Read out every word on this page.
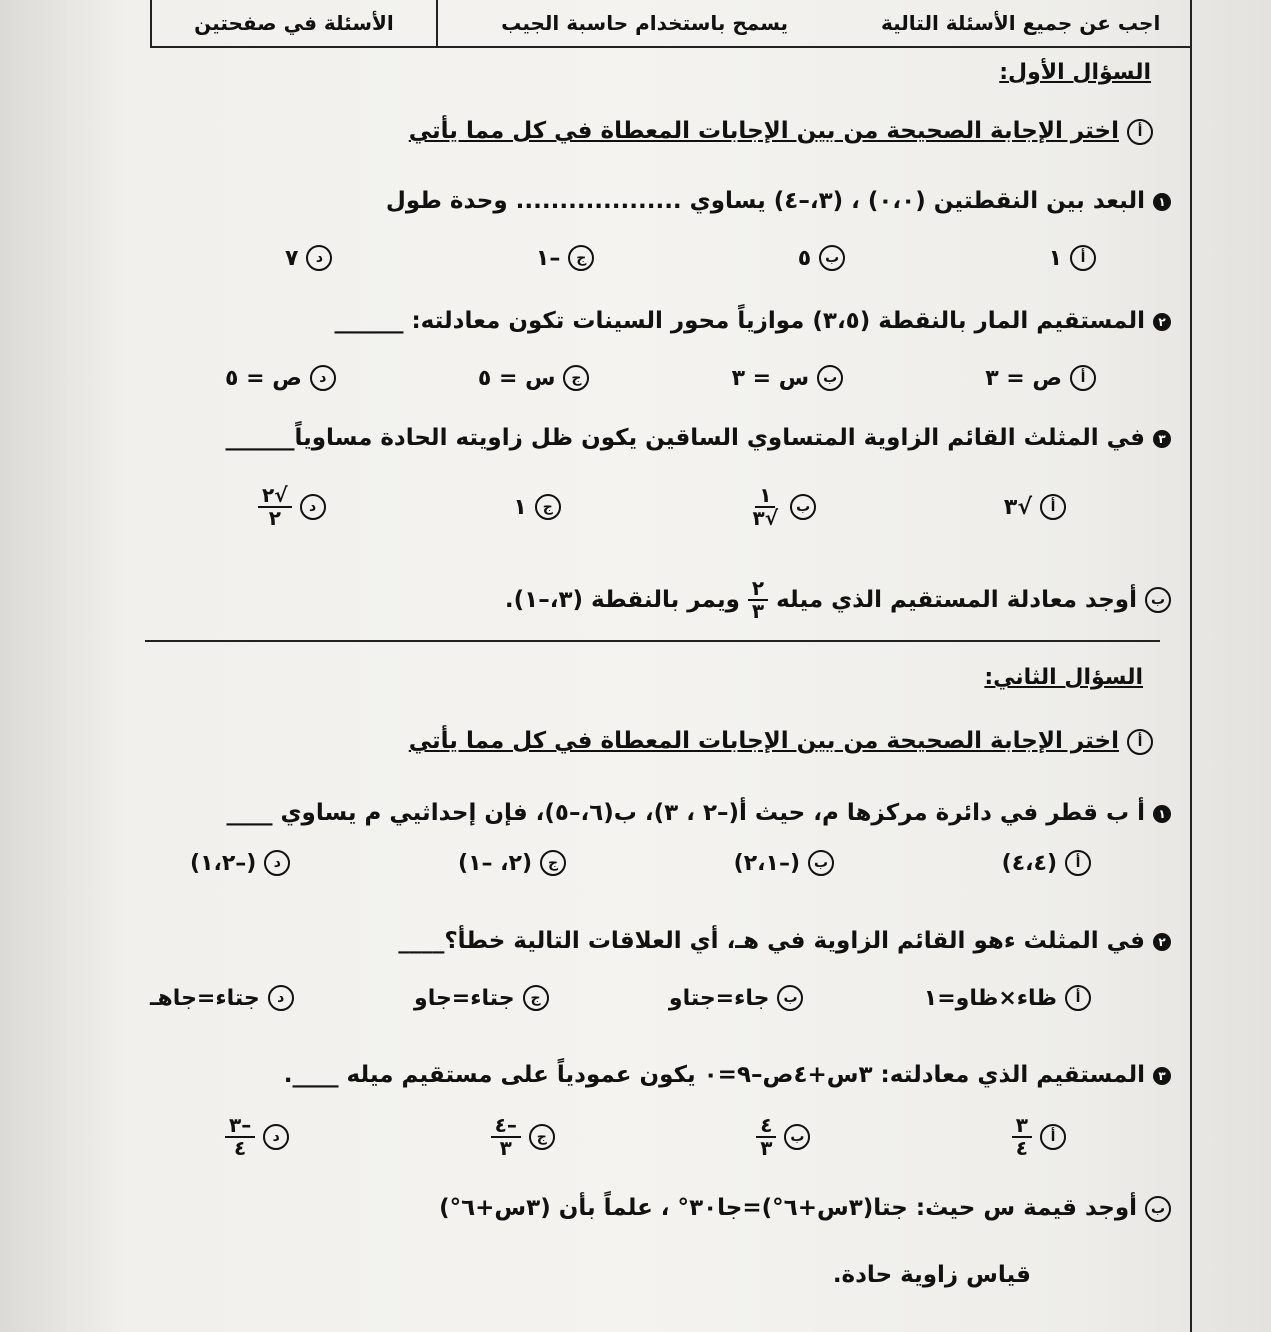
الأسئلة في صفحتين	يسمح باستخدام حاسبة الجيب	اجب عن جميع الأسئلة التالية
السؤال الأول:
أاختر الإجابة الصحيحة من بين الإجابات المعطاة في كل مما يأتي
١البعد بين النقطتين (٠،٠) ، (٣،–٤) يساوي ................... وحدة طول
أ
١
ب
٥
ج
–١
د
٧
٢المستقيم المار بالنقطة (٣،٥) موازياً محور السينات تكون معادلته: ______
أ
ص = ٣
ب
س = ٣
ج
س = ٥
د
ص = ٥
٣في المثلث القائم الزاوية المتساوي الساقين يكون ظل زاويته الحادة مساوياً______
أ
√٣
ب
$\frac{١}{√٣}$
ج
١
د
$\frac{√٢}{٢}$
ب
أوجد معادلة المستقيم الذي ميله
$\frac{٢}{٣}$
ويمر بالنقطة (٣،–١).
السؤال الثاني:
أاختر الإجابة الصحيحة من بين الإجابات المعطاة في كل مما يأتي
١أ ب قطر في دائرة مركزها م، حيث أ(–٢ ، ٣)، ب(٦،–٥)، فإن إحداثيي م يساوي ____
أ
(٤،٤)
ب
(–٢،١)
ج
(٢، –١)
د
(–١،٢)
٢في المثلث ءهو القائم الزاوية في هـ، أي العلاقات التالية خطأ؟____
أ
ظاء×ظاو=١
ب
جاء=جتاو
ج
جتاء=جاو
د
جتاء=جاهـ
٣المستقيم الذي معادلته: ٣س+٤ص–٩=٠ يكون عمودياً على مستقيم ميله ____.
أ
$\frac{٣}{٤}$
ب
$\frac{٤}{٣}$
ج
$\frac{-٤}{٣}$
د
$\frac{-٣}{٤}$
بأوجد قيمة س حيث: جتا(٣س+٦°)=جا٣٠° ، علماً بأن (٣س+٦°)
قياس زاوية حادة.
